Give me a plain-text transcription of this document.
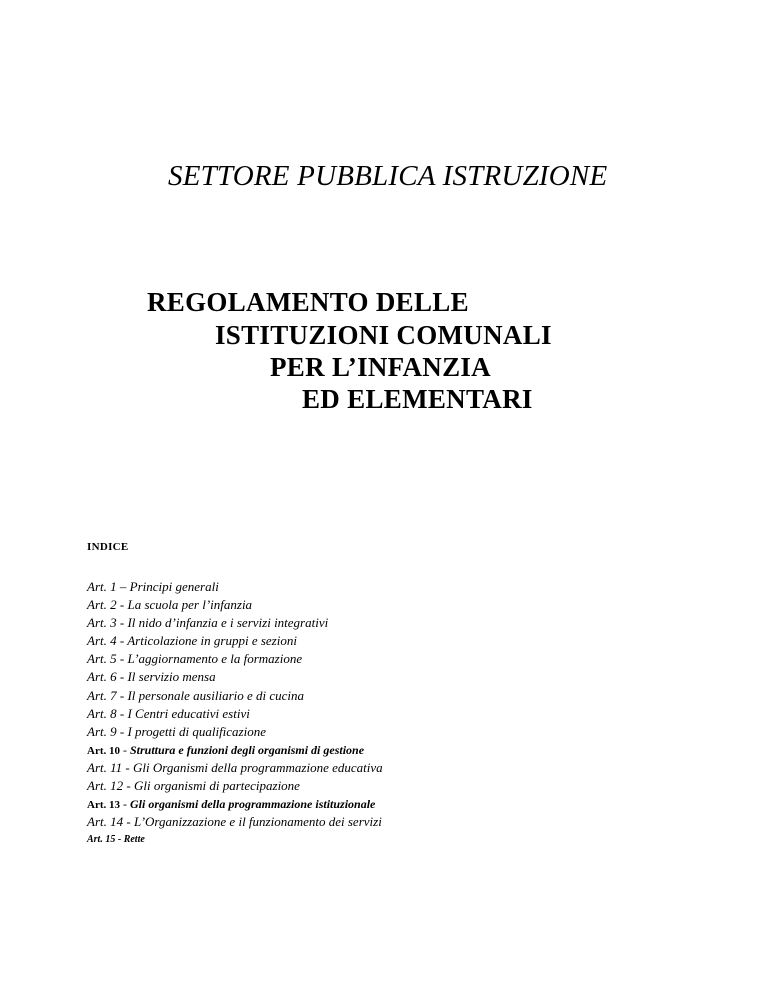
SETTORE PUBBLICA ISTRUZIONE
REGOLAMENTO DELLE
ISTITUZIONI COMUNALI
PER L’INFANZIA
ED ELEMENTARI
INDICE
Art. 1 – Principi generali
Art. 2 - La scuola per l’infanzia
Art. 3 - Il nido d’infanzia e i servizi integrativi
Art. 4 - Articolazione in gruppi e sezioni
Art. 5 - L’aggiornamento e la formazione
Art. 6 - Il servizio mensa
Art. 7 - Il personale ausiliario e di cucina
Art. 8 - I Centri educativi estivi
Art. 9 - I progetti di qualificazione
Art. 10 - Struttura e funzioni degli organismi di gestione
Art. 11 - Gli Organismi della programmazione educativa
Art. 12 - Gli organismi di partecipazione
Art. 13 - Gli organismi della programmazione istituzionale
Art. 14 - L’Organizzazione e il funzionamento dei servizi
Art. 15 - Rette
